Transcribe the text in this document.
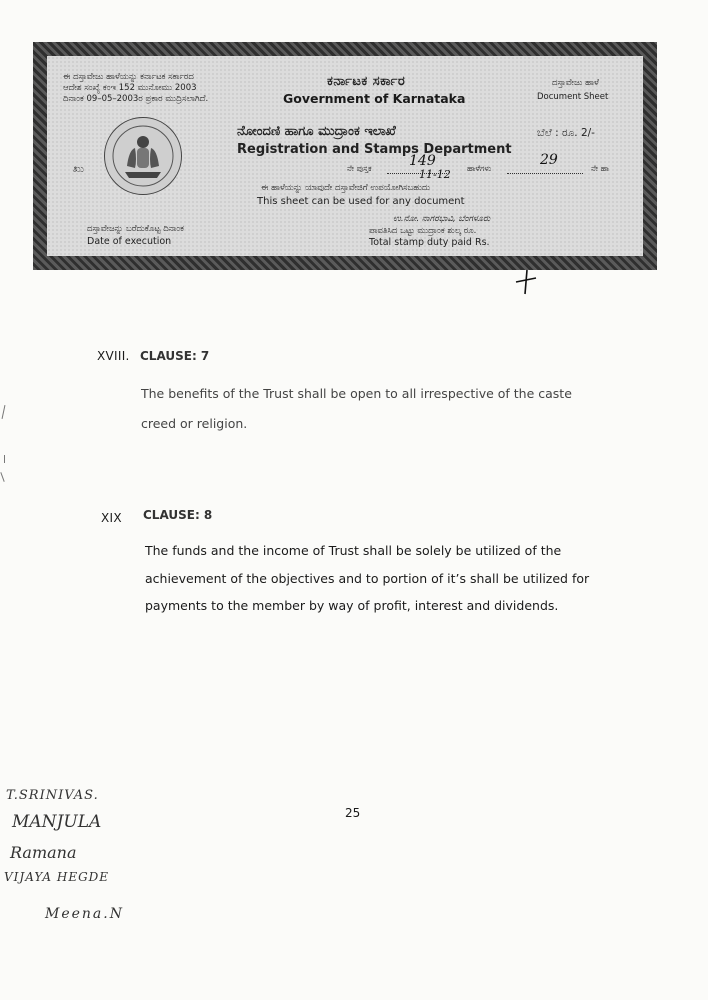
ಈ ದಸ್ತಾವೇಜು ಹಾಳೆಯನ್ನು ಕರ್ನಾಟಕ ಸರ್ಕಾರದ
ಆದೇಶ ಸಂಖ್ಯೆ ಕಂಇ 152 ಮುನೋಮು 2003
ದಿನಾಂಕ 09–05–2003ರ ಪ್ರಕಾರ ಮುದ್ರಿಸಲಾಗಿದೆ.
ಕರ್ನಾಟಕ ಸರ್ಕಾರ
Government of Karnataka
ದಸ್ತಾವೇಜು ಹಾಳೆ
Document Sheet
ನೋಂದಣಿ ಹಾಗೂ ಮುದ್ರಾಂಕ ಇಲಾಖೆ
Registration and Stamps Department
ಬೆಲೆ : ರೂ. 2/-
ಖು	ನೇ ಪುಸ್ತಕ	149
11-12 ಹಾಳೆಗಳು
29
ನೇ ಹಾ
ಈ ಹಾಳೆಯನ್ನು ಯಾವುದೇ ದಸ್ತಾವೇಜಿಗೆ ಉಪಯೋಗಿಸಬಹುದು
This sheet can be used for any document
ದಸ್ತಾವೇಜನ್ನು ಬರೆದುಕೊಟ್ಟ ದಿನಾಂಕ
Date of execution
ಉ.ನೋ. ನಾಗರಭಾವಿ, ಬೆಂಗಳೂರು
ಪಾವತಿಸಿದ ಒಟ್ಟು ಮುದ್ರಾಂಕ ಶುಲ್ಕ ರೂ.
Total stamp duty paid Rs.
XVIII. CLAUSE: 7
The benefits of the Trust shall be open to all irrespective of the caste
creed or religion.
XIX CLAUSE: 8
The funds and the income of Trust shall be solely be utilized of the
achievement of the objectives and to portion of it’s shall be utilized for
payments to the member by way of profit, interest and dividends.
25
T.SRINIVAS.
MANJULA
Ramana
VIJAYA HEGDE
Meena.N
